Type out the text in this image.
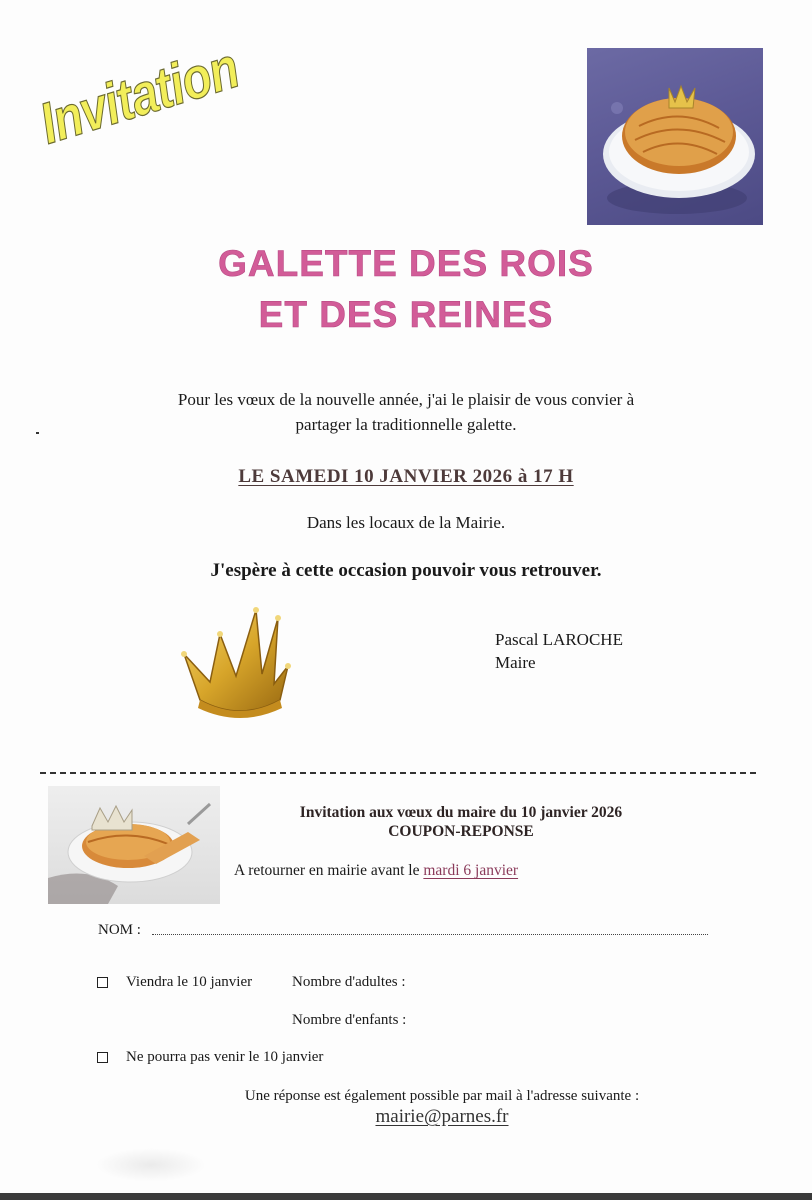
Invitation
GALETTE DES ROIS
ET DES REINES
Pour les vœux de la nouvelle année, j'ai le plaisir de vous convier à
partager la traditionnelle galette.
LE SAMEDI 10 JANVIER 2026 à 17 H
Dans les locaux de la Mairie.
J'espère à cette occasion pouvoir vous retrouver.
Pascal LAROCHE
Maire
Invitation aux vœux du maire du 10 janvier 2026
COUPON-REPONSE
A retourner en mairie avant le mardi 6 janvier
NOM :
Viendra le 10 janvier	Nombre d'adultes :
Nombre d'enfants :
Ne pourra pas venir le 10 janvier
Une réponse est également possible par mail à l'adresse suivante :
mairie@parnes.fr
